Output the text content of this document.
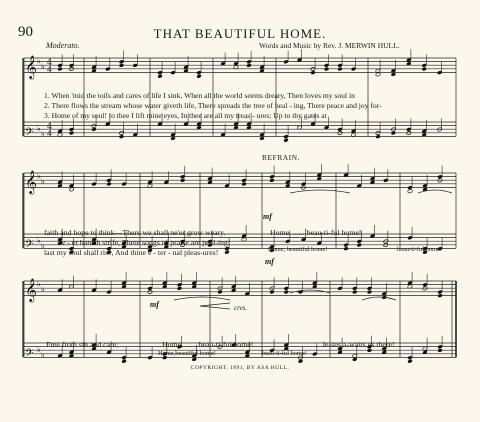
90	THAT BEAUTIFUL HOME.
Moderato.	Words and Music by Rev. J. MERWIN HULL.
𝄞 ♭
♭ 4
4
𝄢 ♭
♭
4
4
𝄞 ♭
♭
𝄢 ♭
♭
𝄞 ♭
♭
𝄢 ♭
♭
1. When 'mid the toils and cares of life I sink, When all the world seems dreary, Then loves my soul in
2. There flows the stream whose water giveth life, There spreads the tree of heal - ing, There peace and joy for-
3. Home of my soul! to thee I lift mine eyes, In thee are all my treas - ures; Up to thy gates at
REFRAIN.
faith and hope to think—There we shall ne'er grow weary.	Home, ...... beau-ti-ful home!
ev - er banish strife, There songs of praise are peal-ing!
last my soul shall rise, And thine e - ter - nal pleas-ures!	Home, beautiful home!	beau-ti-ful home!
mf
mf
Free from sin and care;	Home, ...... beau-ti-ful home!	Je-sus a-waits us there!
Home,beautiful home!	beau-ti-ful home!
mf	cres.
COPYRIGHT, 1891, BY ASA HULL.
